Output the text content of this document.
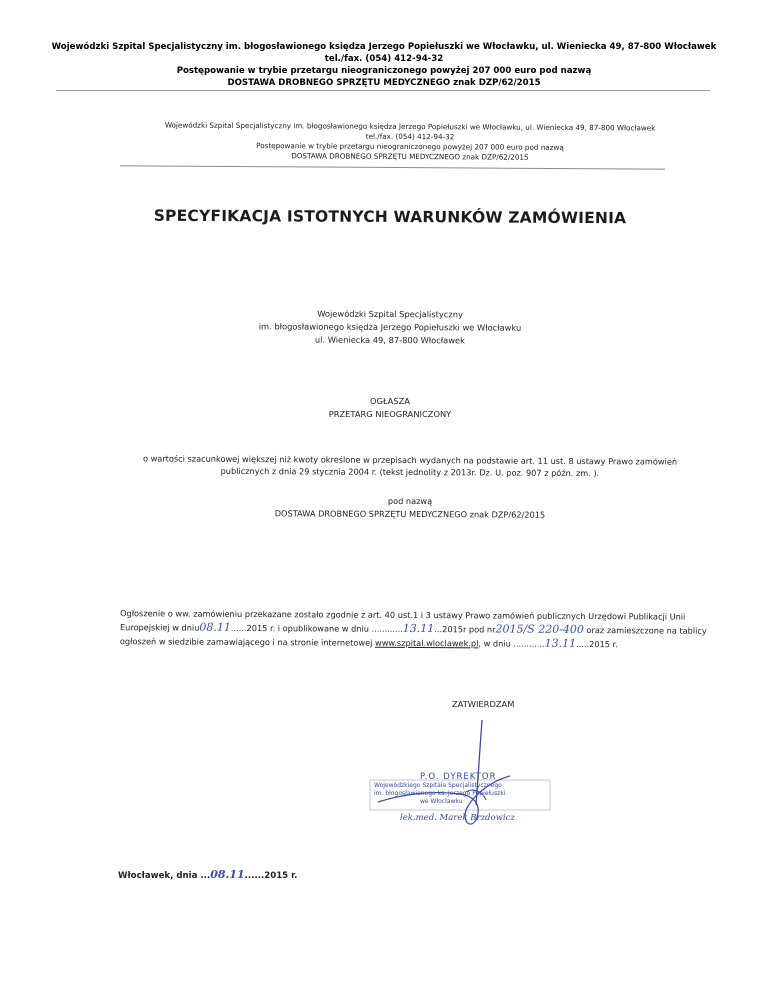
Wojewódzki Szpital Specjalistyczny im. błogosławionego księdza Jerzego Popiełuszki we Włocławku, ul. Wieniecka 49, 87-800 Włocławek
tel./fax. (054) 412-94-32
Postępowanie w trybie przetargu nieograniczonego powyżej 207 000 euro pod nazwą
DOSTAWA DROBNEGO SPRZĘTU MEDYCZNEGO znak DZP/62/2015
Wojewódzki Szpital Specjalistyczny im. błogosławionego księdza Jerzego Popiełuszki we Włocławku, ul. Wieniecka 49, 87-800 Włocławek
tel./fax. (054) 412-94-32
Postępowanie w trybie przetargu nieograniczonego powyżej 207 000 euro pod nazwą
DOSTAWA DROBNEGO SPRZĘTU MEDYCZNEGO znak DZP/62/2015
SPECYFIKACJA ISTOTNYCH WARUNKÓW ZAMÓWIENIA
Wojewódzki Szpital Specjalistyczny
im. błogosławionego księdza Jerzego Popiełuszki we Włocławku
ul. Wieniecka 49, 87-800 Włocławek
OGŁASZA
PRZETARG NIEOGRANICZONY
o wartości szacunkowej większej niż kwoty określone w przepisach wydanych na podstawie art. 11 ust. 8 ustawy Prawo zamówień
publicznych z dnia 29 stycznia 2004 r. (tekst jednolity z 2013r. Dz. U. poz. 907 z późn. zm. ).
pod nazwą
DOSTAWA DROBNEGO SPRZĘTU MEDYCZNEGO znak DZP/62/2015
Ogłoszenie o ww. zamówieniu przekazane zostało zgodnie z art. 40 ust.1 i 3 ustawy Prawo zamówień publicznych Urzędowi Publikacji Unii
Europejskiej w dniu08.11......2015 r. i opublikowane w dniu ............13.11...2015r pod nr2015/S 220-400 oraz zamieszczone na tablicy
ogłoszeń w siedzibie zamawiającego i na stronie internetowej www.szpital.wloclawek.pl, w dniu ............13.11.....2015 r.
ZATWIERDZAM
P.O. DYREKTOR
Wojewódzkiego Szpitala Specjalistycznego
im. błogosławionego ks. Jerzego Popiełuszki
we Włocławku
lek.med. Marek Brzdowicz
Włocławek, dnia ...08.11......2015 r.
